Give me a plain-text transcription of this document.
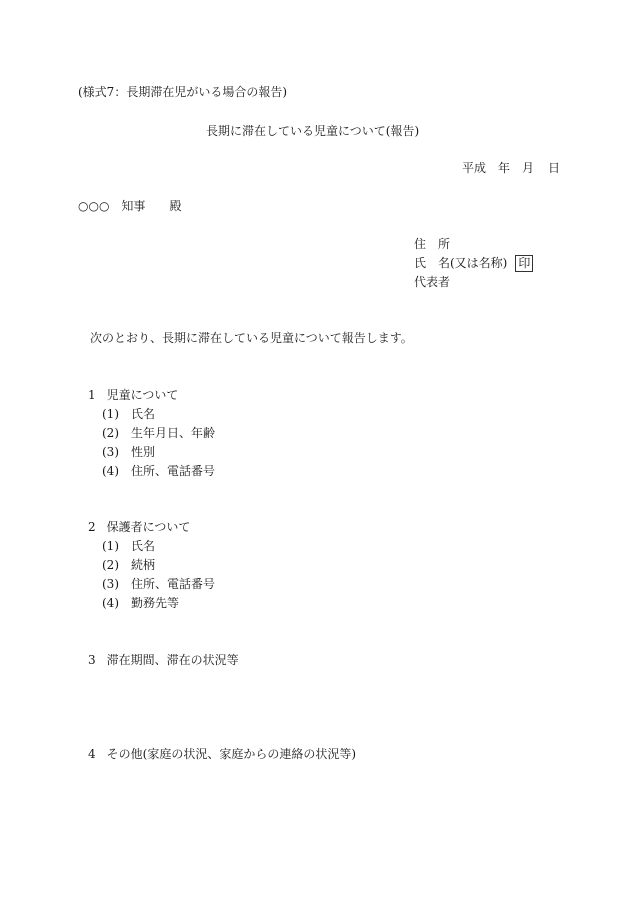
(様式7：長期滞在児がいる場合の報告)
長期に滞在している児童について(報告)
平成 年 月 日
○○○ 知事 殿
住　所
氏　名(又は名称) 印
代表者
次のとおり、長期に滞在している児童について報告します。
1 児童について
(1) 氏名
(2) 生年月日、年齢
(3) 性別
(4) 住所、電話番号
2 保護者について
(1) 氏名
(2) 続柄
(3) 住所、電話番号
(4) 勤務先等
3 滞在期間、滞在の状況等
4 その他(家庭の状況、家庭からの連絡の状況等)
